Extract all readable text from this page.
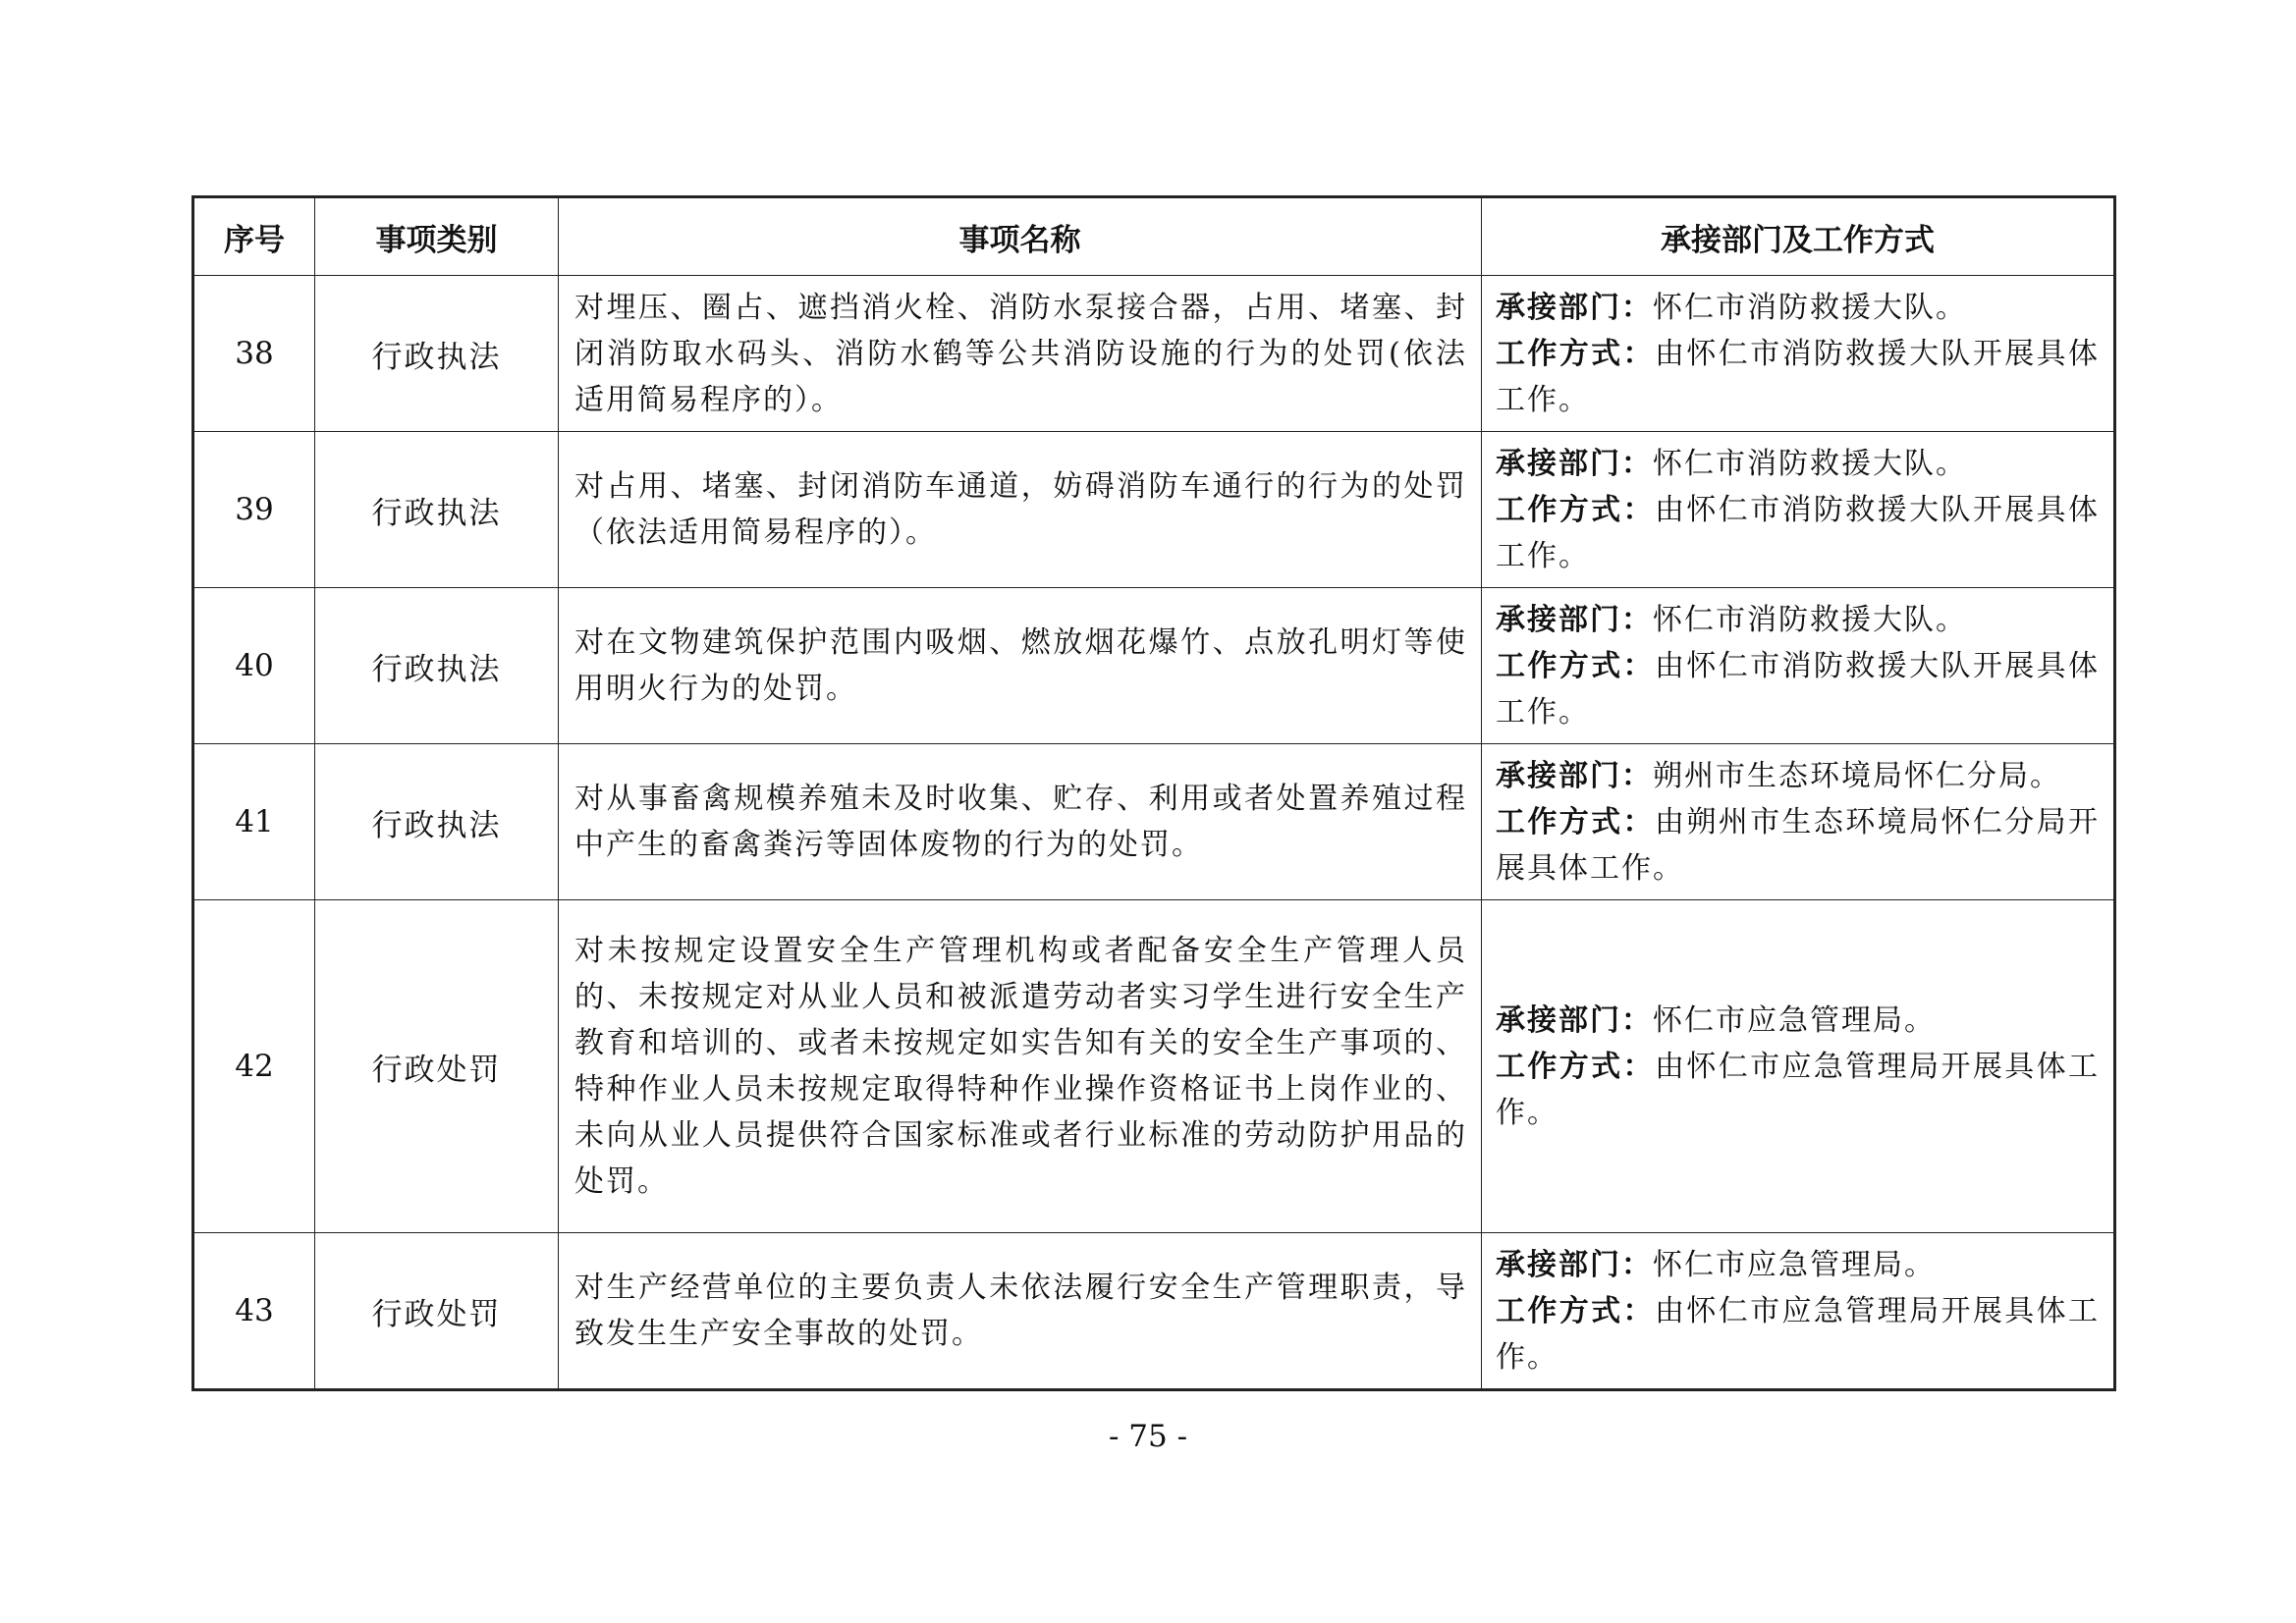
序号	事项类别	事项名称	承接部门及工作方式
38	行政执法	对埋压、圈占、遮挡消火栓、消防水泵接合器，占用、堵塞、封闭消防取水码头、消防水鹤等公共消防设施的行为的处罚(依法适用简易程序的）。	承接部门：怀仁市消防救援大队。
工作方式：由怀仁市消防救援大队开展具体工作。
39	行政执法	对占用、堵塞、封闭消防车通道，妨碍消防车通行的行为的处罚（依法适用简易程序的）。	承接部门：怀仁市消防救援大队。
工作方式：由怀仁市消防救援大队开展具体工作。
40	行政执法	对在文物建筑保护范围内吸烟、燃放烟花爆竹、点放孔明灯等使用明火行为的处罚。	承接部门：怀仁市消防救援大队。
工作方式：由怀仁市消防救援大队开展具体工作。
41	行政执法	对从事畜禽规模养殖未及时收集、贮存、利用或者处置养殖过程中产生的畜禽粪污等固体废物的行为的处罚。	承接部门：朔州市生态环境局怀仁分局。
工作方式：由朔州市生态环境局怀仁分局开展具体工作。
42	行政处罚	对未按规定设置安全生产管理机构或者配备安全生产管理人员的、未按规定对从业人员和被派遣劳动者实习学生进行安全生产教育和培训的、或者未按规定如实告知有关的安全生产事项的、特种作业人员未按规定取得特种作业操作资格证书上岗作业的、未向从业人员提供符合国家标准或者行业标准的劳动防护用品的处罚。	承接部门：怀仁市应急管理局。
工作方式：由怀仁市应急管理局开展具体工作。
43	行政处罚	对生产经营单位的主要负责人未依法履行安全生产管理职责，导致发生生产安全事故的处罚。	承接部门：怀仁市应急管理局。
工作方式：由怀仁市应急管理局开展具体工作。
- 75 -
